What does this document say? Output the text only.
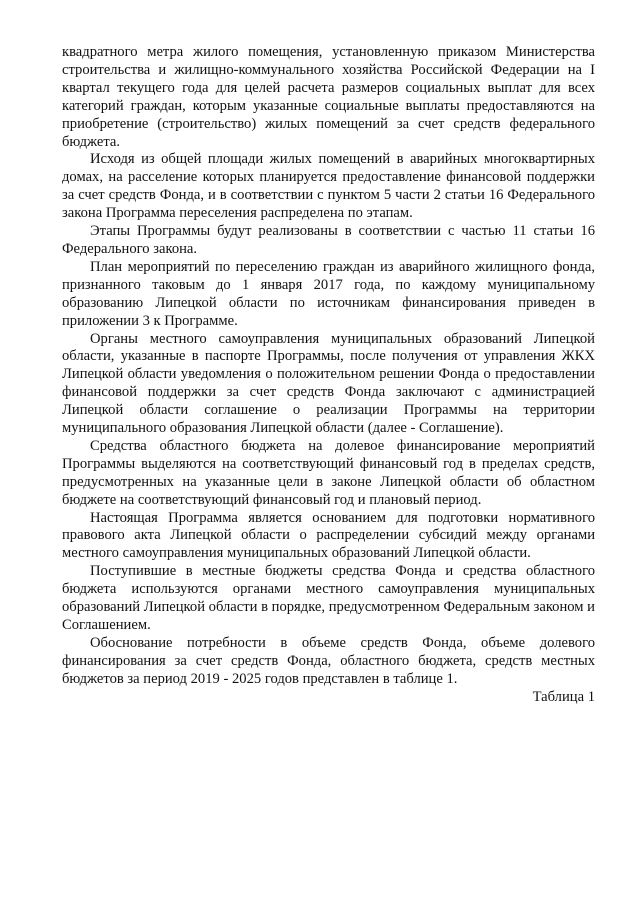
квадратного метра жилого помещения, установленную приказом Министерства строительства и жилищно-коммунального хозяйства Российской Федерации на I квартал текущего года для целей расчета размеров социальных выплат для всех категорий граждан, которым указанные социальные выплаты предоставляются на приобретение (строительство) жилых помещений за счет средств федерального бюджета.

Исходя из общей площади жилых помещений в аварийных многоквартирных домах, на расселение которых планируется предоставление финансовой поддержки за счет средств Фонда, и в соответствии с пунктом 5 части 2 статьи 16 Федерального закона Программа переселения распределена по этапам.

Этапы Программы будут реализованы в соответствии с частью 11 статьи 16 Федерального закона.

План мероприятий по переселению граждан из аварийного жилищного фонда, признанного таковым до 1 января 2017 года, по каждому муниципальному образованию Липецкой области по источникам финансирования приведен в приложении 3 к Программе.

Органы местного самоуправления муниципальных образований Липецкой области, указанные в паспорте Программы, после получения от управления ЖКХ Липецкой области уведомления о положительном решении Фонда о предоставлении финансовой поддержки за счет средств Фонда заключают с администрацией Липецкой области соглашение о реализации Программы на территории муниципального образования Липецкой области (далее - Соглашение).

Средства областного бюджета на долевое финансирование мероприятий Программы выделяются на соответствующий финансовый год в пределах средств, предусмотренных на указанные цели в законе Липецкой области об областном бюджете на соответствующий финансовый год и плановый период.

Настоящая Программа является основанием для подготовки нормативного правового акта Липецкой области о распределении субсидий между органами местного самоуправления муниципальных образований Липецкой области.

Поступившие в местные бюджеты средства Фонда и средства областного бюджета используются органами местного самоуправления муниципальных образований Липецкой области в порядке, предусмотренном Федеральным законом и Соглашением.

Обоснование потребности в объеме средств Фонда, объеме долевого финансирования за счет средств Фонда, областного бюджета, средств местных бюджетов за период 2019 - 2025 годов представлен в таблице 1.

Таблица 1
